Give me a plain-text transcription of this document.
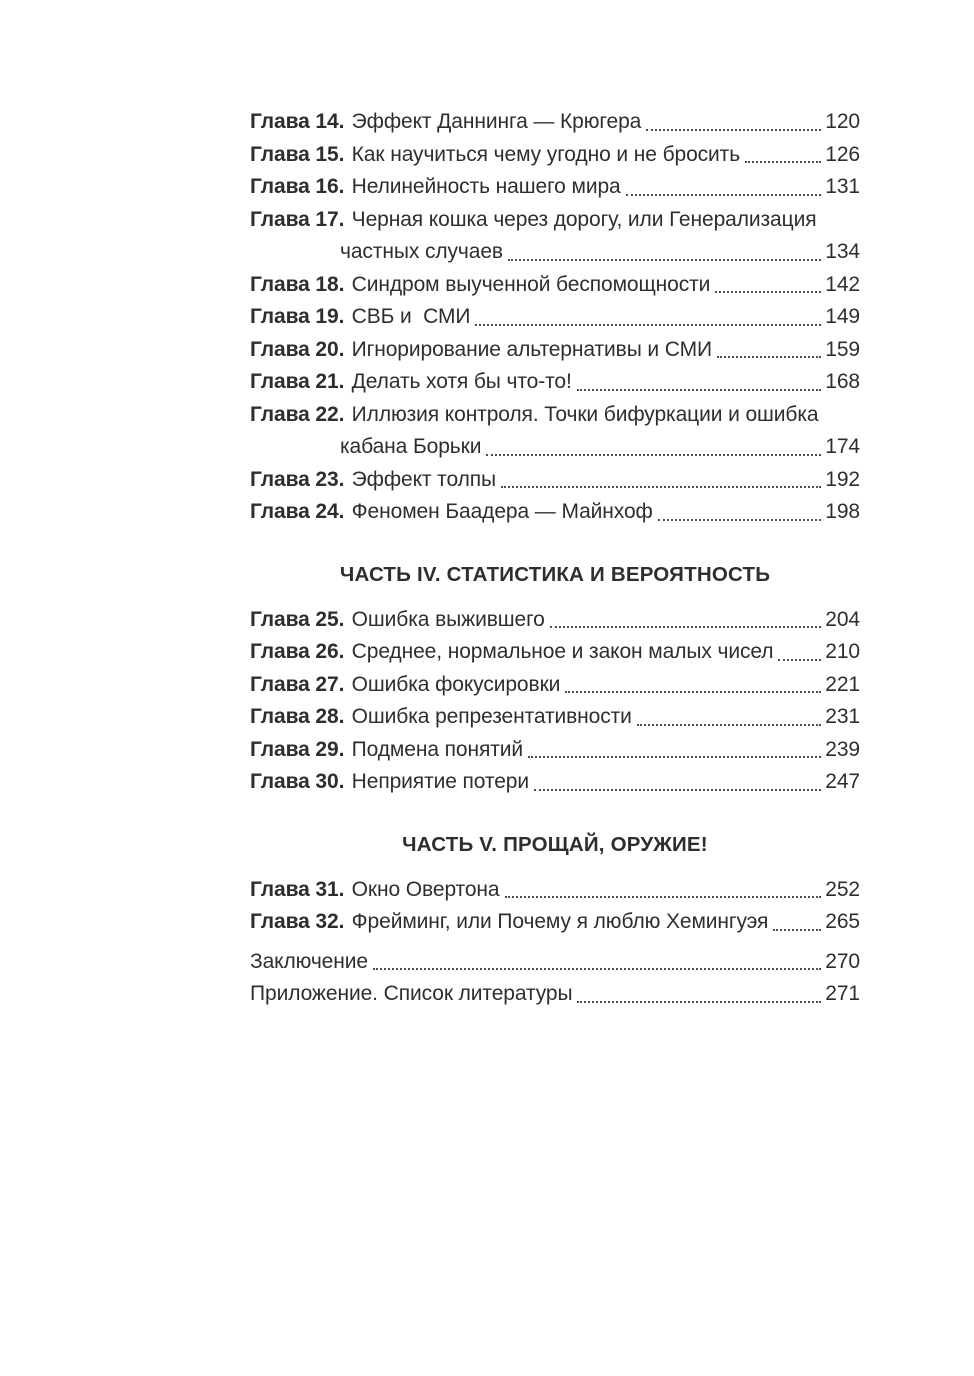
Глава 14. Эффект Даннинга — Крюгера	120
Глава 15. Как научиться чему угодно и не бросить	126
Глава 16. Нелинейность нашего мира	131
Глава 17. Черная кошка через дорогу, или Генерализация
частных случаев	134
Глава 18. Синдром выученной беспомощности	142
Глава 19. СВБ и  СМИ	149
Глава 20. Игнорирование альтернативы и СМИ	159
Глава 21. Делать хотя бы что-то!	168
Глава 22. Иллюзия контроля. Точки бифуркации и ошибка
кабана Борьки	174
Глава 23. Эффект толпы	192
Глава 24. Феномен Баадера — Майнхоф	198
ЧАСТЬ IV. СТАТИСТИКА И ВЕРОЯТНОСТЬ
Глава 25. Ошибка выжившего	204
Глава 26. Среднее, нормальное и закон малых чисел 210
Глава 27. Ошибка фокусировки	221
Глава 28. Ошибка репрезентативности	231
Глава 29. Подмена понятий	239
Глава 30. Неприятие потери	247
ЧАСТЬ V. ПРОЩАЙ, ОРУЖИЕ!
Глава 31. Окно Овертона	252
Глава 32. Фрейминг, или Почему я люблю Хемингуэя	265
Заключение	270
Приложение. Список литературы	271
